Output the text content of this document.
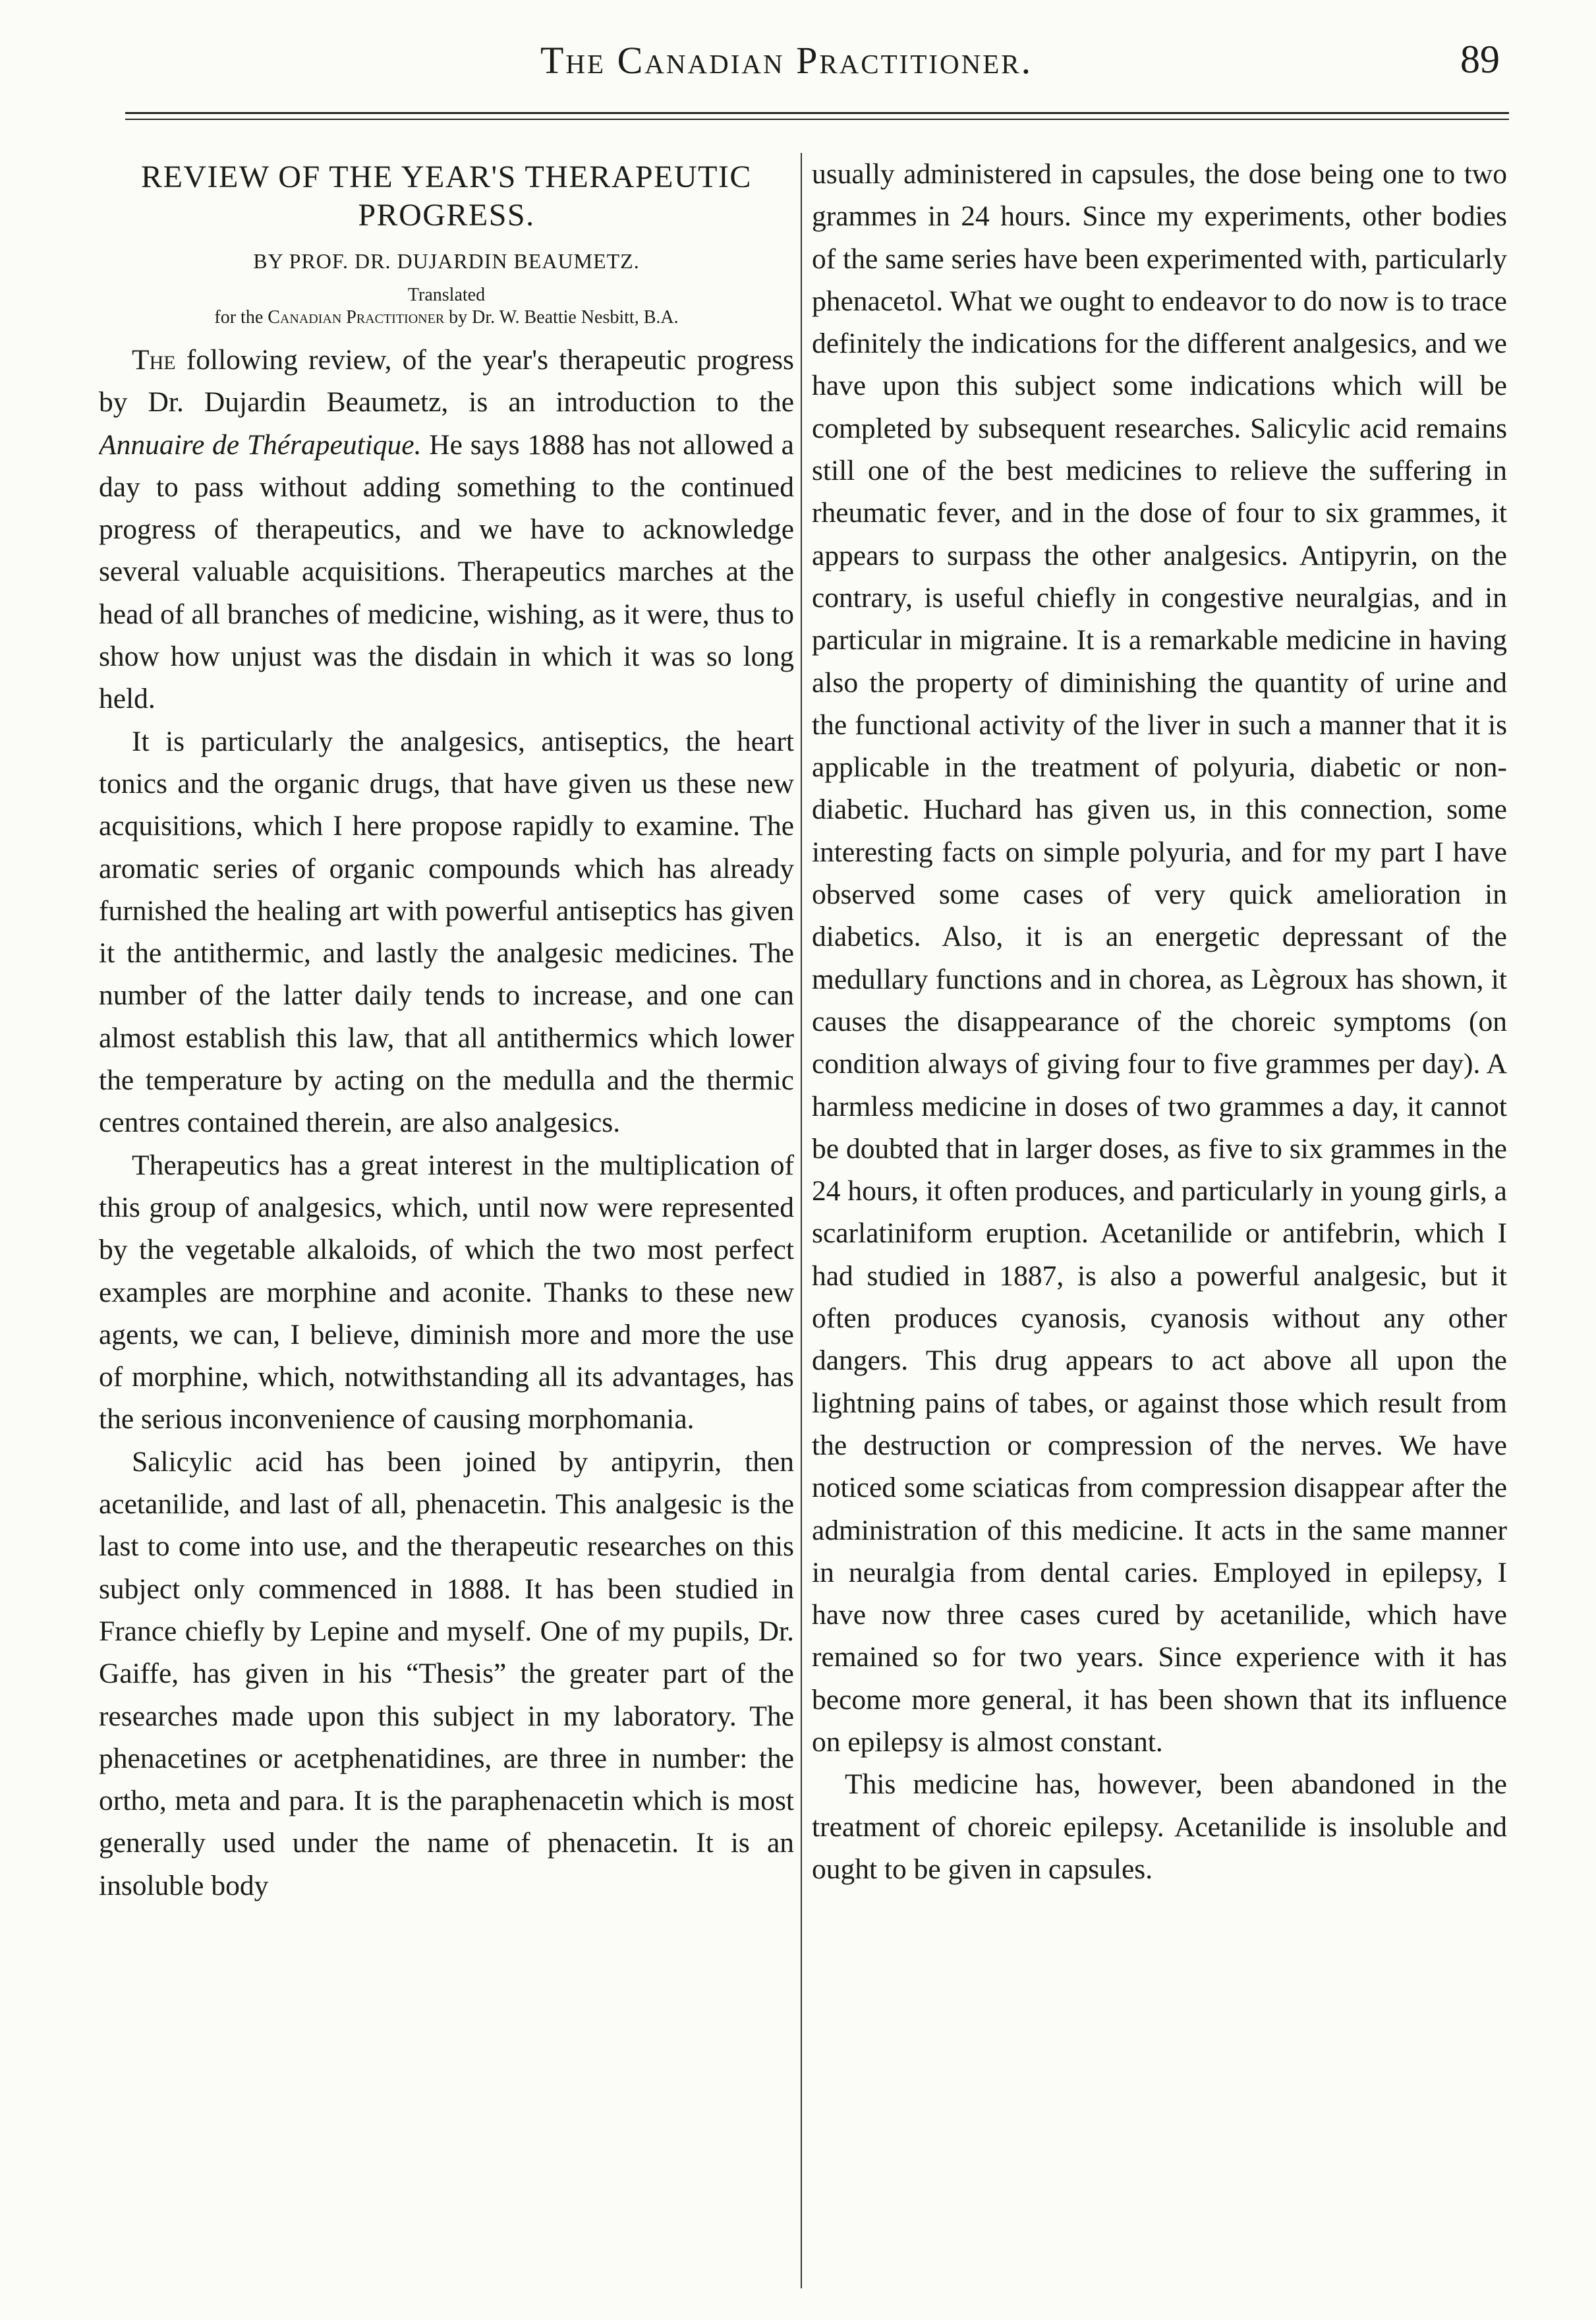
The Canadian Practitioner.	89
REVIEW OF THE YEAR'S THERAPEUTIC PROGRESS.
BY PROF. DR. DUJARDIN BEAUMETZ.
Translated
for the Canadian Practitioner by Dr. W. Beattie Nesbitt, B.A.

The following review, of the year's therapeutic progress by Dr. Dujardin Beaumetz, is an introduction to the Annuaire de Thérapeutique. He says 1888 has not allowed a day to pass without adding something to the continued progress of therapeutics, and we have to acknowledge several valuable acquisitions. Therapeutics marches at the head of all branches of medicine, wishing, as it were, thus to show how unjust was the disdain in which it was so long held.

It is particularly the analgesics, antiseptics, the heart tonics and the organic drugs, that have given us these new acquisitions, which I here propose rapidly to examine. The aromatic series of organic compounds which has already furnished the healing art with powerful antiseptics has given it the antithermic, and lastly the analgesic medicines. The number of the latter daily tends to increase, and one can almost establish this law, that all antithermics which lower the temperature by acting on the medulla and the thermic centres contained therein, are also analgesics.

Therapeutics has a great interest in the multiplication of this group of analgesics, which, until now were represented by the vegetable alkaloids, of which the two most perfect examples are morphine and aconite. Thanks to these new agents, we can, I believe, diminish more and more the use of morphine, which, notwithstanding all its advantages, has the serious inconvenience of causing morphomania.

Salicylic acid has been joined by antipyrin, then acetanilide, and last of all, phenacetin. This analgesic is the last to come into use, and the therapeutic researches on this subject only commenced in 1888. It has been studied in France chiefly by Lepine and myself. One of my pupils, Dr. Gaiffe, has given in his “Thesis” the greater part of the researches made upon this subject in my laboratory. The phenacetines or acetphenatidines, are three in number: the ortho, meta and para. It is the paraphenacetin which is most generally used under the name of phenacetin. It is an insoluble body

usually administered in capsules, the dose being one to two grammes in 24 hours. Since my experiments, other bodies of the same series have been experimented with, particularly phenacetol. What we ought to endeavor to do now is to trace definitely the indications for the different analgesics, and we have upon this subject some indications which will be completed by subsequent researches. Salicylic acid remains still one of the best medicines to relieve the suffering in rheumatic fever, and in the dose of four to six grammes, it appears to surpass the other analgesics. Antipyrin, on the contrary, is useful chiefly in congestive neuralgias, and in particular in migraine. It is a remarkable medicine in having also the property of diminishing the quantity of urine and the functional activity of the liver in such a manner that it is applicable in the treatment of polyuria, diabetic or non-diabetic. Huchard has given us, in this connection, some interesting facts on simple polyuria, and for my part I have observed some cases of very quick amelioration in diabetics. Also, it is an energetic depressant of the medullary functions and in chorea, as Lègroux has shown, it causes the disappearance of the choreic symptoms (on condition always of giving four to five grammes per day). A harmless medicine in doses of two grammes a day, it cannot be doubted that in larger doses, as five to six grammes in the 24 hours, it often produces, and particularly in young girls, a scarlatiniform eruption. Acetanilide or antifebrin, which I had studied in 1887, is also a powerful analgesic, but it often produces cyanosis, cyanosis without any other dangers. This drug appears to act above all upon the lightning pains of tabes, or against those which result from the destruction or compression of the nerves. We have noticed some sciaticas from compression disappear after the administration of this medicine. It acts in the same manner in neuralgia from dental caries. Employed in epilepsy, I have now three cases cured by acetanilide, which have remained so for two years. Since experience with it has become more general, it has been shown that its influence on epilepsy is almost constant.

This medicine has, however, been abandoned in the treatment of choreic epilepsy. Acetanilide is insoluble and ought to be given in capsules.
